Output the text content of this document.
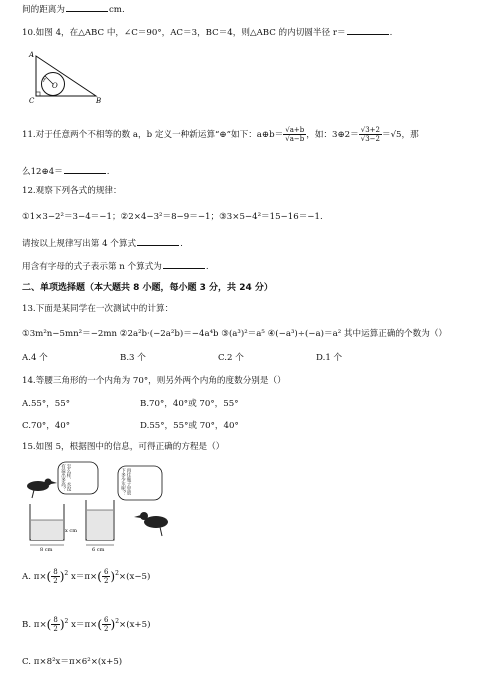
间的距离为	cm.
10.如图 4，在△ABC 中，∠C＝90°，AC＝3，BC＝4，则△ABC 的内切圆半径 r＝	.
A
C	B
O
r
11.对于任意两个不相等的数 a，b 定义一种新运算“⊕”如下：a⊕b＝ $\frac{√a+b}{√a-b}$ ，如：3⊕2＝ $\frac{√3+2}{√3-2} =√5$，那
么12⊕4＝	.
12.观察下列各式的规律：
①1×3−2²＝3−4＝−1；②2×4−3²＝8−9＝−1；③3×5−4²＝15−16＝−1.
请按以上规律写出第 4 个算式	.
用含有字母的式子表示第 n 个算式为	.
二、单项选择题（本大题共 8 小题，每小题 3 分，共 24 分）
13.下面是某同学在一次测试中的计算：
①3m²n−5mn²＝−2mn ②2a²b·(−2a²b)＝−4a⁴b ③(a³)²＝a⁵ ④(−a³)÷(−a)＝a² 其中运算正确的个数为（）
A.4 个	B.3 个	C.2 个	D.1 个
14.等腰三角形的一个内角为 70°，则另外两个内角的度数分别是（）
A.55°，55°	B.70°，40°或 70°，55°
C.70°，40°	D.55°，55°或 70°，40°
15.如图 5，根据图中的信息，可得正确的方程是（）
怎么样，水没有溢出多高？	再往瓶子里放下多少水呢？
8 cm	6 cm
x cm
A. $\pi\times( \frac{8}{2} )^2$ $x=\pi\times( \frac{6}{2} )^2\times(x-5)$
B. $\pi\times( \frac{8}{2} )^2$ $x=\pi\times( \frac{6}{2} )^2\times(x+5)$
C. π×8²x＝π×6²×(x+5)
